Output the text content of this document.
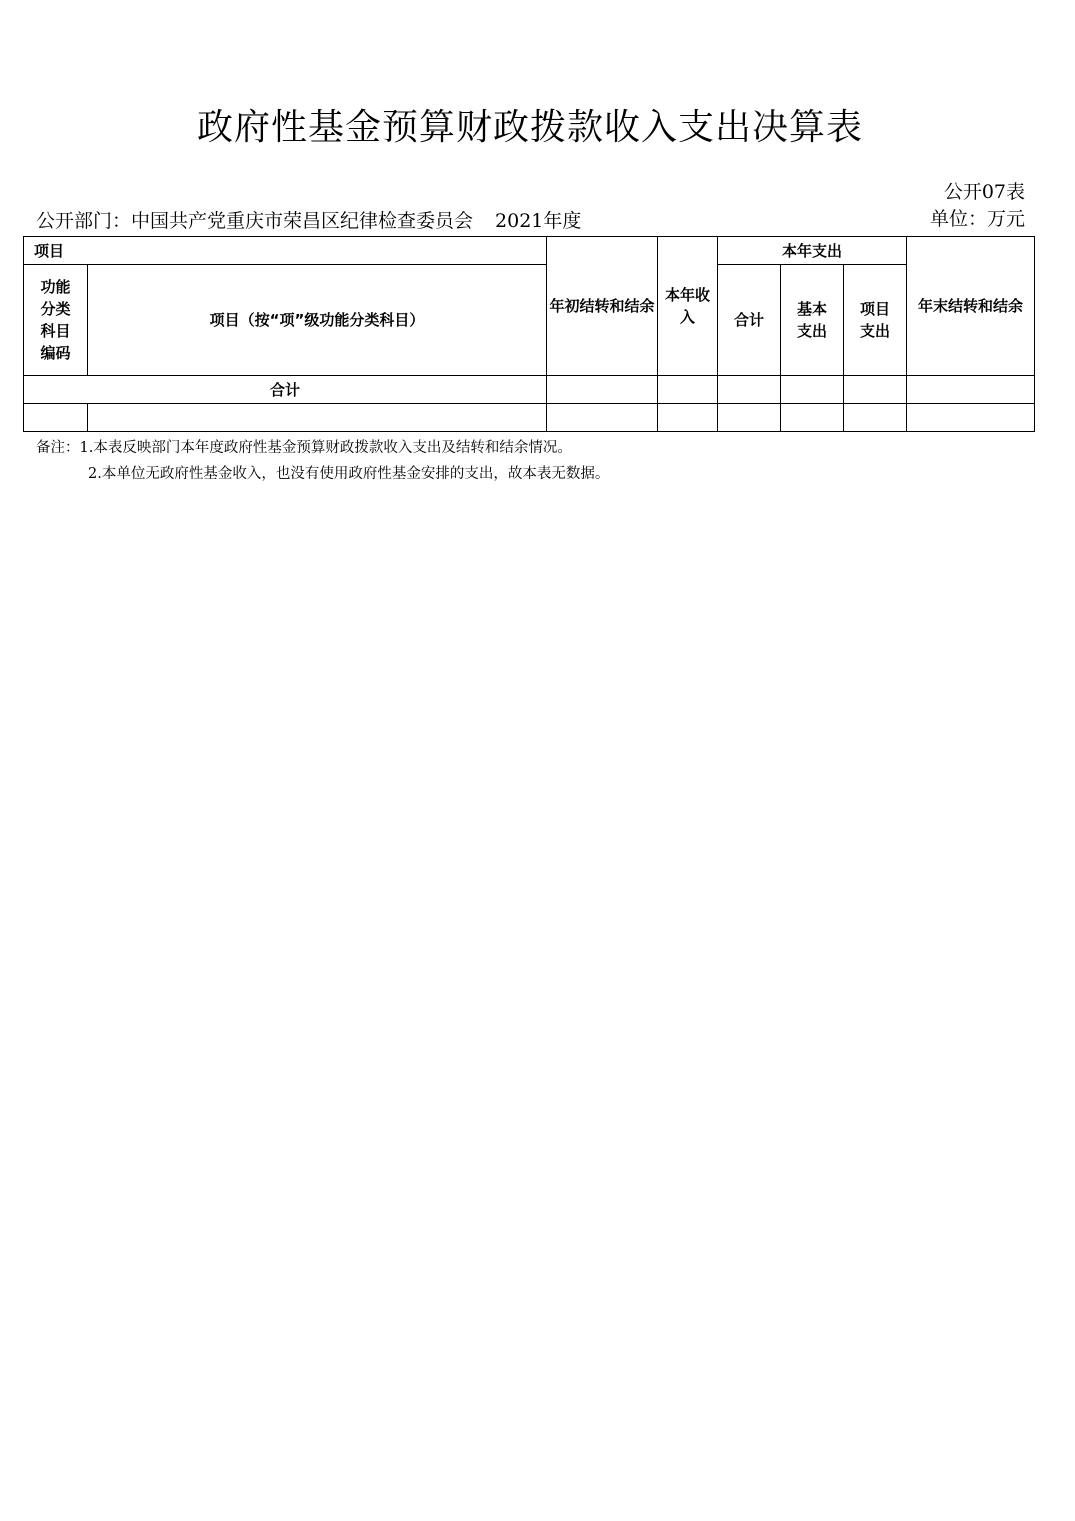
政府性基金预算财政拨款收入支出决算表
公开07表
公开部门：中国共产党重庆市荣昌区纪律检查委员会 2021年度	单位：万元
项目		年初结转和结余	本年收入	本年支出			年末结转和结余

功能分类科目编码	项目（按“项”级功能分类科目）			合计	基本支出	项目支出	

合计							

备注：1.本表反映部门本年度政府性基金预算财政拨款收入支出及结转和结余情况。
2.本单位无政府性基金收入，也没有使用政府性基金安排的支出，故本表无数据。
